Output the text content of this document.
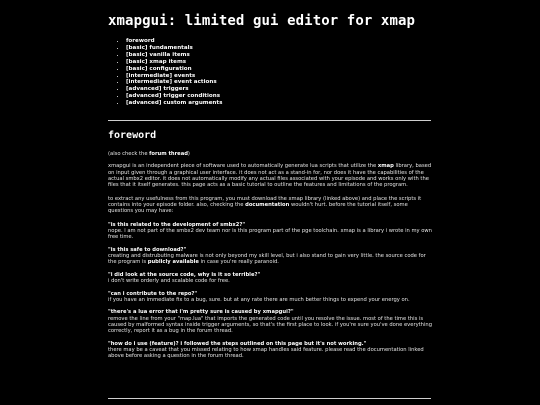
xmapgui: limited gui editor for xmap
• foreword
• [basic] fundamentals
• [basic] vanilla items
• [basic] xmap items
• [basic] configuration
• [intermediate] events
• [intermediate] event actions
• [advanced] triggers
• [advanced] trigger conditions
• [advanced] custom arguments
foreword

(also check the forum thread)

xmapgui is an independent piece of software used to automatically generate lua scripts that utilize the xmap library, based on input given through a graphical user interface. it does not act as a stand-in for, nor does it have the capabilities of the actual smbx2 editor. it does not automatically modify any actual files associated with your episode and works only with the files that it itself generates. this page acts as a basic tutorial to outline the features and limitations of the program.

to extract any usefulness from this program, you must download the xmap library (linked above) and place the scripts it contains into your episode folder. also, checking the documentation wouldn't hurt. before the tutorial itself, some questions you may have:

"is this related to the development of smbx2?"
nope. i am not part of the smbx2 dev team nor is this program part of the pge toolchain. xmap is a library i wrote in my own free time.

"is this safe to download?"
creating and distrubuting malware is not only beyond my skill level, but i also stand to gain very little. the source code for the program is publicly available in case you're really paranoid.

"i did look at the source code, why is it so terrible?"
i don't write orderly and scalable code for free.

"can i contribute to the repo?"
if you have an immediate fix to a bug, sure. but at any rate there are much better things to expend your energy on.

"there's a lua error that i'm pretty sure is caused by xmapgui?"
remove the line from your "map.lua" that imports the generated code until you resolve the issue. most of the time this is caused by malformed syntax inside trigger arguments, so that's the first place to look. if you're sure you've done everything correctly, report it as a bug in the forum thread.

"how do i use (feature)? i followed the steps outlined on this page but it's not working."
there may be a caveat that you missed relating to how xmap handles said feature. please read the documentation linked above before asking a question in the forum thread.
